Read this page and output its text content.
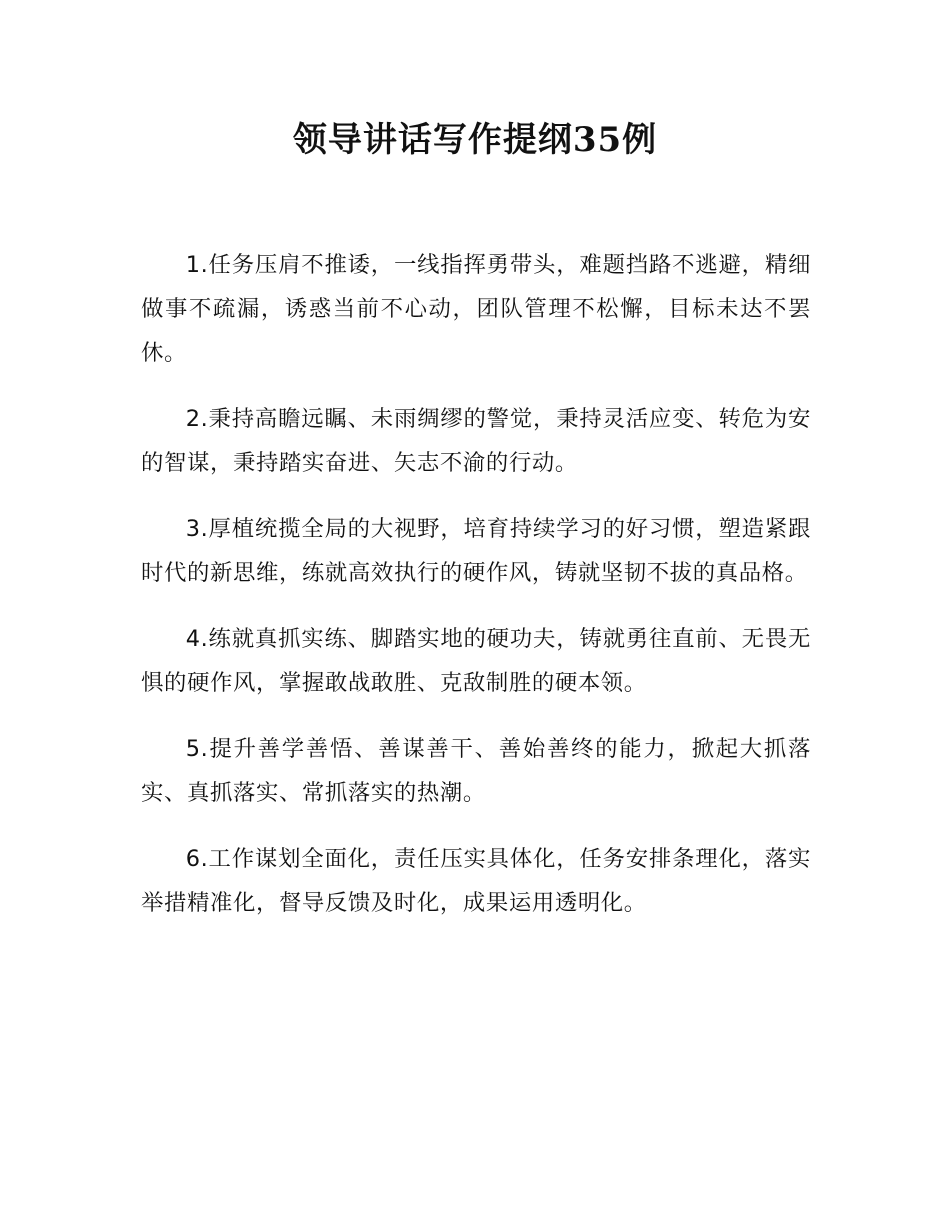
领导讲话写作提纲35例

1.任务压肩不推诿，一线指挥勇带头，难题挡路不逃避，精细做事不疏漏，诱惑当前不心动，团队管理不松懈，目标未达不罢休。

2.秉持高瞻远瞩、未雨绸缪的警觉，秉持灵活应变、转危为安的智谋，秉持踏实奋进、矢志不渝的行动。

3.厚植统揽全局的大视野，培育持续学习的好习惯，塑造紧跟时代的新思维，练就高效执行的硬作风，铸就坚韧不拔的真品格。

4.练就真抓实练、脚踏实地的硬功夫，铸就勇往直前、无畏无惧的硬作风，掌握敢战敢胜、克敌制胜的硬本领。

5.提升善学善悟、善谋善干、善始善终的能力，掀起大抓落实、真抓落实、常抓落实的热潮。

6.工作谋划全面化，责任压实具体化，任务安排条理化，落实举措精准化，督导反馈及时化，成果运用透明化。
